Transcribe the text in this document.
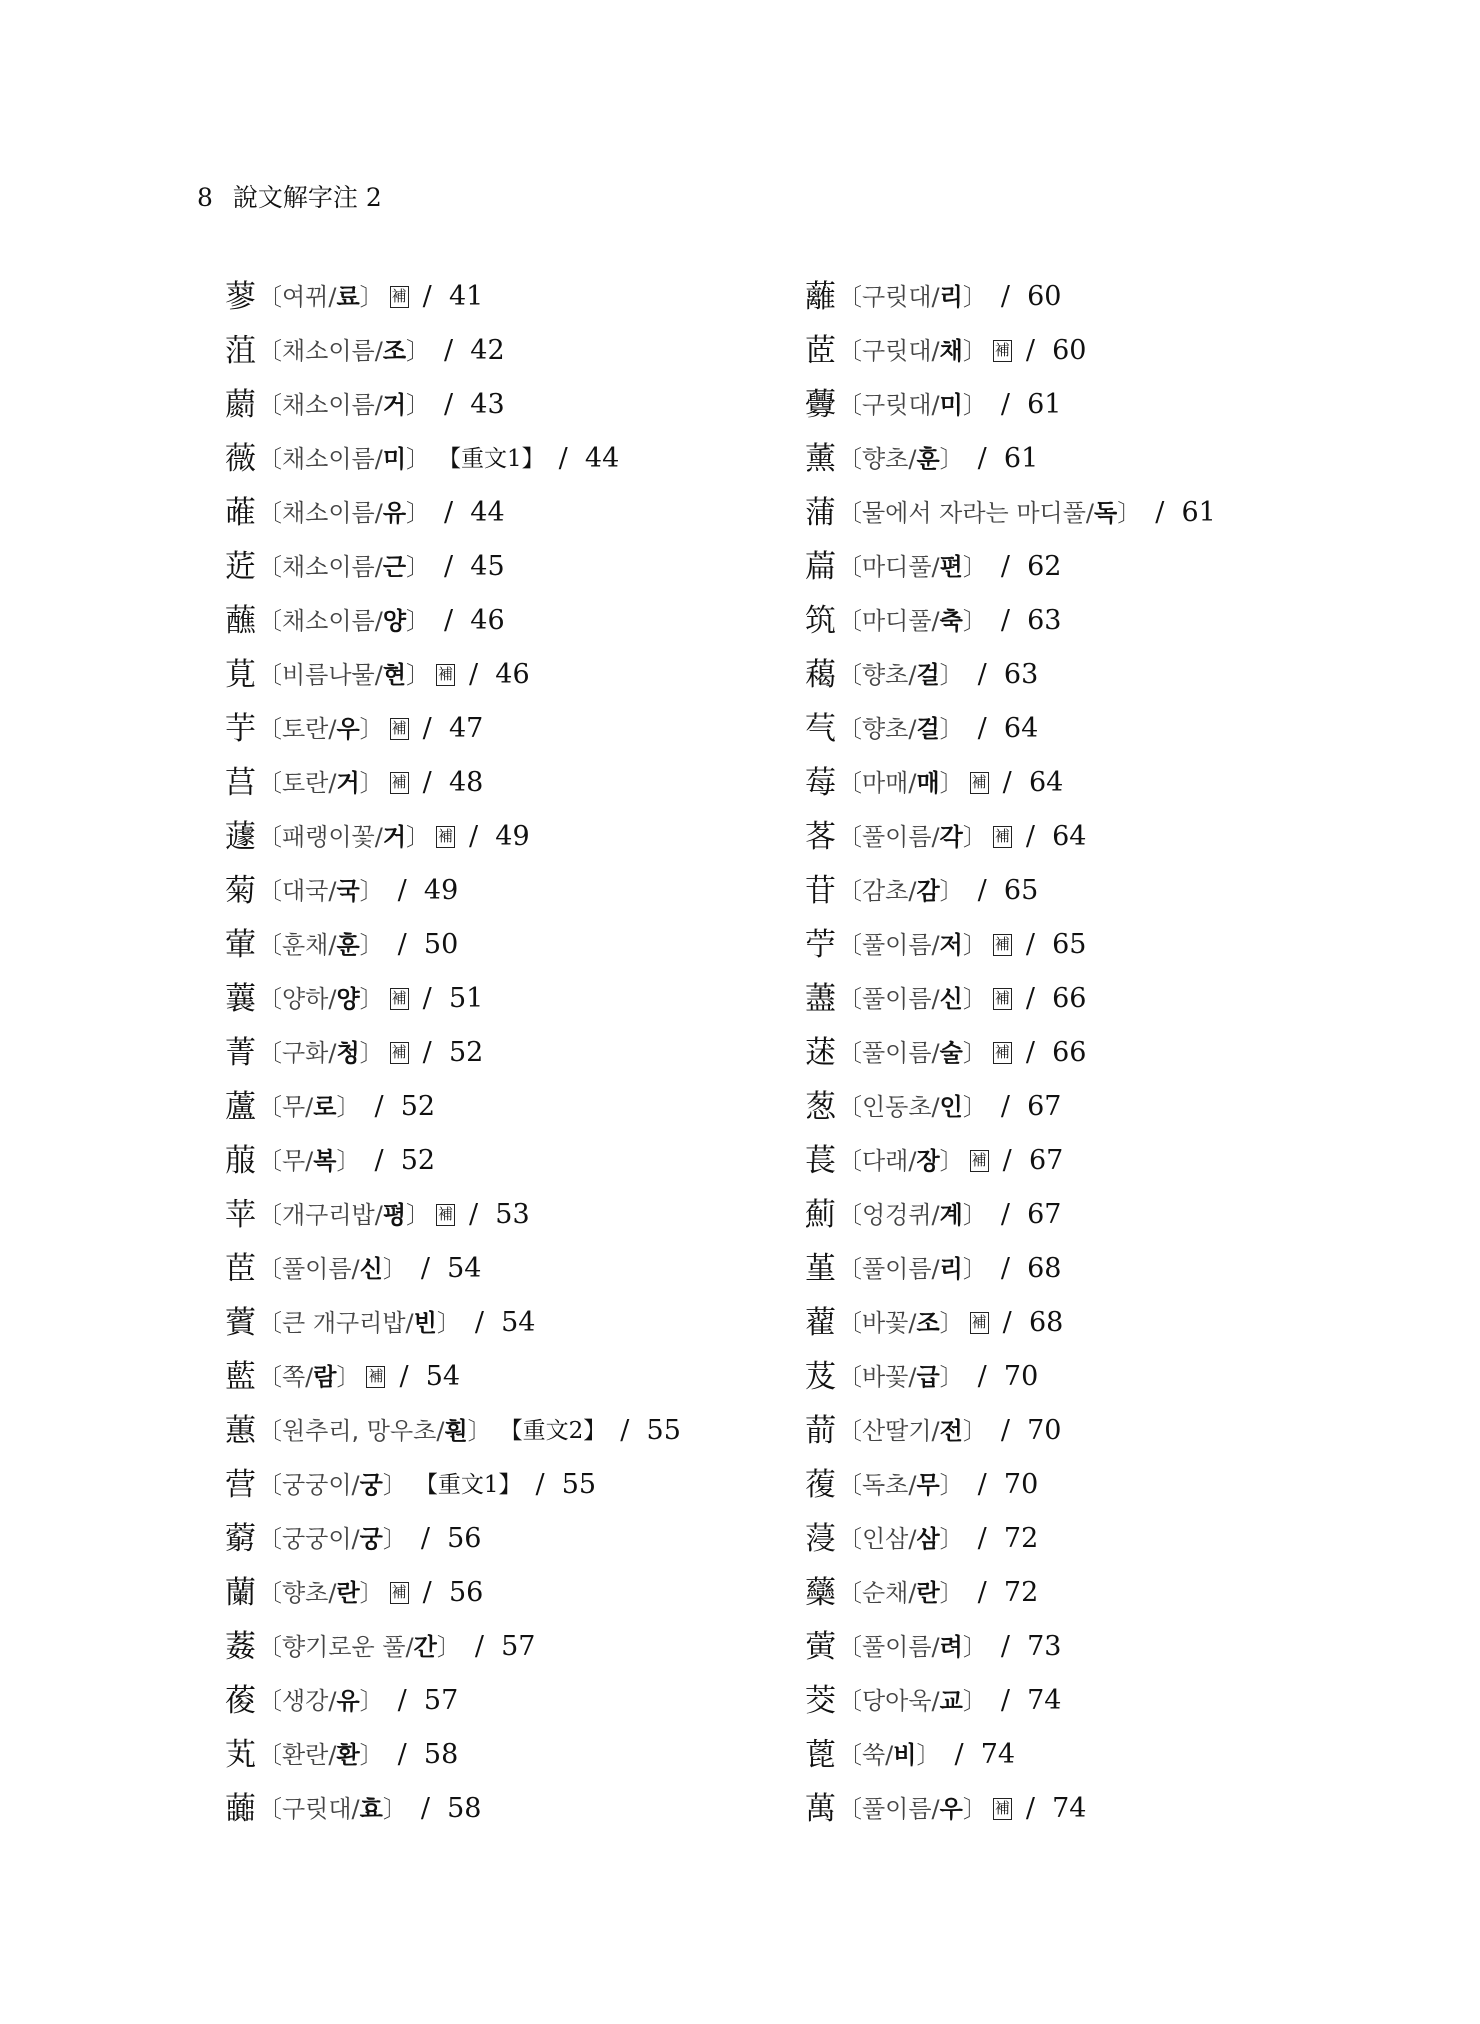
8 說文解字注 2
蓼 〔 여뀌/료 〕 補 /  41
菹 〔 채소이름/조 〕 /  42
蘮 〔 채소이름/거 〕 /  43
薇 〔 채소이름/미 〕 【重文1】 /  44
蓶 〔 채소이름/유 〕 /  44
菦 〔 채소이름/근 〕 /  45
蘸 〔 채소이름/양 〕 /  46
莧 〔 비름나물/현 〕 補 /  46
芋 〔 토란/우 〕 補 /  47
莒 〔 토란/거 〕 補 /  48
蘧 〔 패랭이꽃/거 〕 補 /  49
菊 〔 대국/국 〕 /  49
葷 〔 훈채/훈 〕 /  50
蘘 〔 양하/양 〕 補 /  51
菁 〔 구화/청 〕 補 /  52
蘆 〔 무/로 〕 /  52
菔 〔 무/복 〕 /  52
苹 〔 개구리밥/평 〕 補 /  53
茞 〔 풀이름/신 〕 /  54
薲 〔 큰 개구리밥/빈 〕 /  54
藍 〔 쪽/람 〕 補 /  54
蕙 〔 원추리, 망우초/훤 〕 【重文2】 /  55
营 〔 궁궁이/궁 〕 【重文1】 /  55
藭 〔 궁궁이/궁 〕 /  56
蘭 〔 향초/란 〕 補 /  56
葌 〔 향기로운 풀/간 〕 /  57
葰 〔 생강/유 〕 /  57
芄 〔 환란/환 〕 /  58
虈 〔 구릿대/효 〕 /  58
蘺 〔 구릿대/리 〕 /  60
茝 〔 구릿대/채 〕 補 /  60
虋 〔 구릿대/미 〕 /  61
薰 〔 향초/훈 〕 /  61
蒲 〔 물에서 자라는 마디풀/독 〕 /  61
萹 〔 마디풀/편 〕 /  62
筑 〔 마디풀/축 〕 /  63
藒 〔 향초/걸 〕 /  63
芞 〔 향초/걸 〕 /  64
莓 〔 마매/매 〕 補 /  64
茖 〔 풀이름/각 〕 補 /  64
苷 〔 감초/감 〕 /  65
苧 〔 풀이름/저 〕 補 /  65
藎 〔 풀이름/신 〕 補 /  66
蒁 〔 풀이름/술 〕 補 /  66
葱 〔 인동초/인 〕 /  67
萇 〔 다래/장 〕 補 /  67
薊 〔 엉겅퀴/계 〕 /  67
堇 〔 풀이름/리 〕 /  68
藋 〔 바꽃/조 〕 補 /  68
芨 〔 바꽃/급 〕 /  70
葥 〔 산딸기/전 〕 /  70
蕧 〔 독초/무 〕 /  70
蓡 〔 인삼/삼 〕 /  72
虊 〔 순채/란 〕 /  72
蔩 〔 풀이름/려 〕 /  73
茭 〔 당아욱/교 〕 /  74
蓖 〔 쑥/비 〕 /  74
萬 〔 풀이름/우 〕 補 /  74
